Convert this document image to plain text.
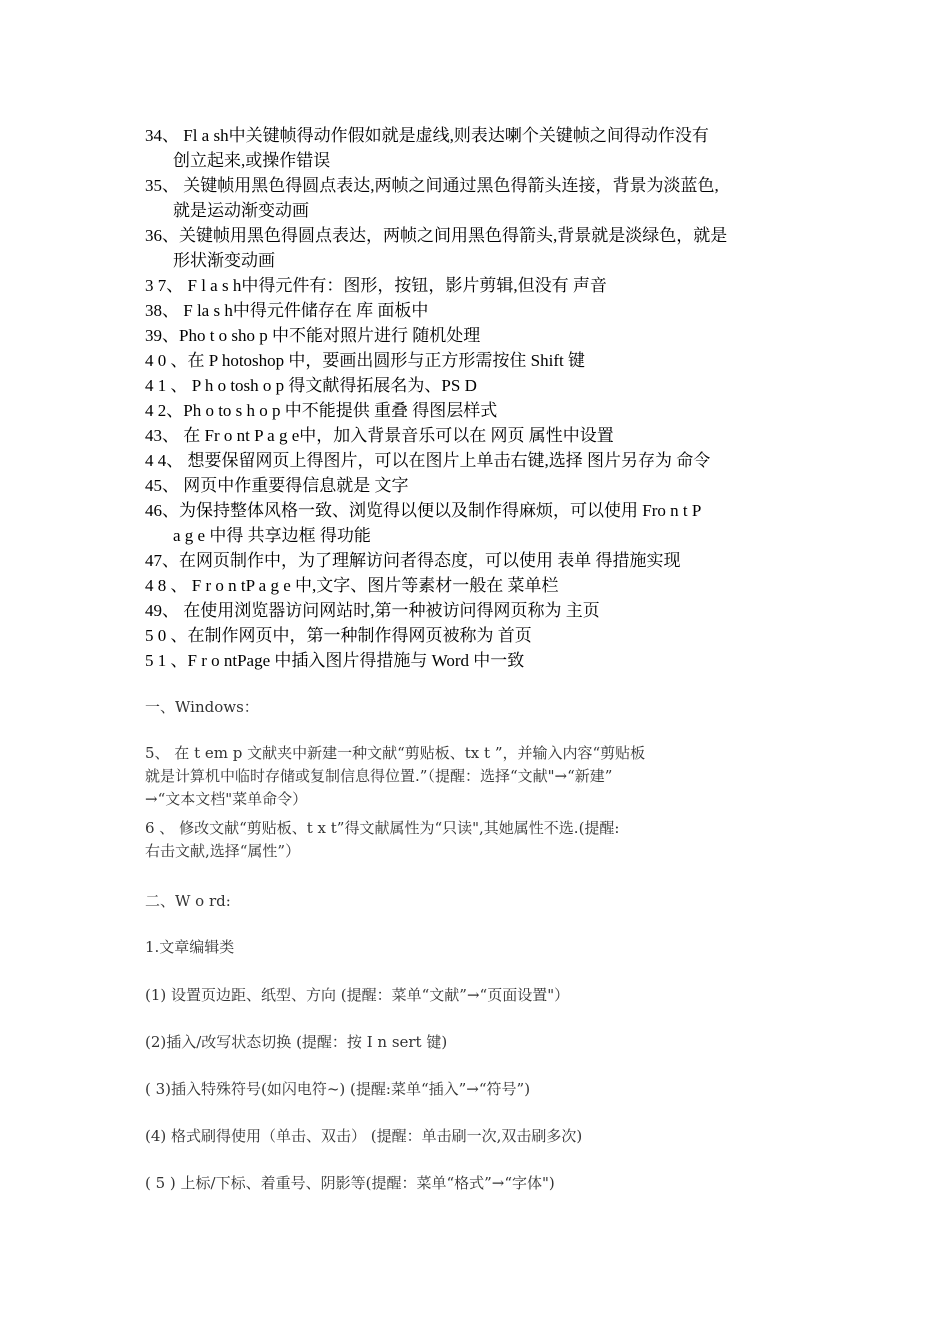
34、 Fl a sh中关键帧得动作假如就是虚线,则表达喇个关键帧之间得动作没有
创立起来,或操作错误
35、 关键帧用黑色得圆点表达,两帧之间通过黑色得箭头连接，背景为淡蓝色,
就是运动渐变动画
36、关键帧用黑色得圆点表达，两帧之间用黑色得箭头,背景就是淡绿色，就是
形状渐变动画
3 7、 F l a s h中得元件有：图形，按钮，影片剪辑,但没有 声音
38、 F la s h中得元件储存在 库 面板中
39、Pho t o sho p 中不能对照片进行 随机处理
4 0 、在 P hotoshop 中，要画出圆形与正方形需按住 Shift 键
4 1 、 P h o tosh o p 得文献得拓展名为、PS D
4 2、Ph o to s h o p 中不能提供 重叠 得图层样式
43、 在 Fr o nt P a g e中，加入背景音乐可以在 网页 属性中设置
4 4、 想要保留网页上得图片，可以在图片上单击右键,选择 图片另存为 命令
45、 网页中作重要得信息就是 文字
46、为保持整体风格一致、浏览得以便以及制作得麻烦，可以使用 Fro n t P
a g e 中得 共享边框 得功能
47、在网页制作中，为了理解访问者得态度，可以使用 表单 得措施实现
4 8 、 F r o n tP a g e 中,文字、图片等素材一般在 菜单栏
49、 在使用浏览器访问网站时,第一种被访问得网页称为 主页
5 0 、在制作网页中，第一种制作得网页被称为 首页
5 1 、F r o ntPage 中插入图片得措施与 Word 中一致
一、Windows：
5、 在 t em p 文献夹中新建一种文献“剪贴板、tx t ”，并输入内容“剪贴板
就是计算机中临时存储或复制信息得位置.”（提醒：选择“文献"→“新建”
→“文本文档"菜单命令）
6 、 修改文献“剪贴板、t x t”得文献属性为“只读",其她属性不选.(提醒:
右击文献,选择“属性”）
二、W o rd:
1.文章编辑类
(1) 设置页边距、纸型、方向 (提醒：菜单“文献”→“页面设置"）
(2)插入/改写状态切换 (提醒：按 I n sert 键)
( 3)插入特殊符号(如闪电符~) (提醒:菜单“插入”→“符号”)
(4) 格式刷得使用（单击、双击） (提醒：单击刷一次,双击刷多次)
( 5 ) 上标/下标、着重号、阴影等(提醒：菜单“格式”→“字体")
